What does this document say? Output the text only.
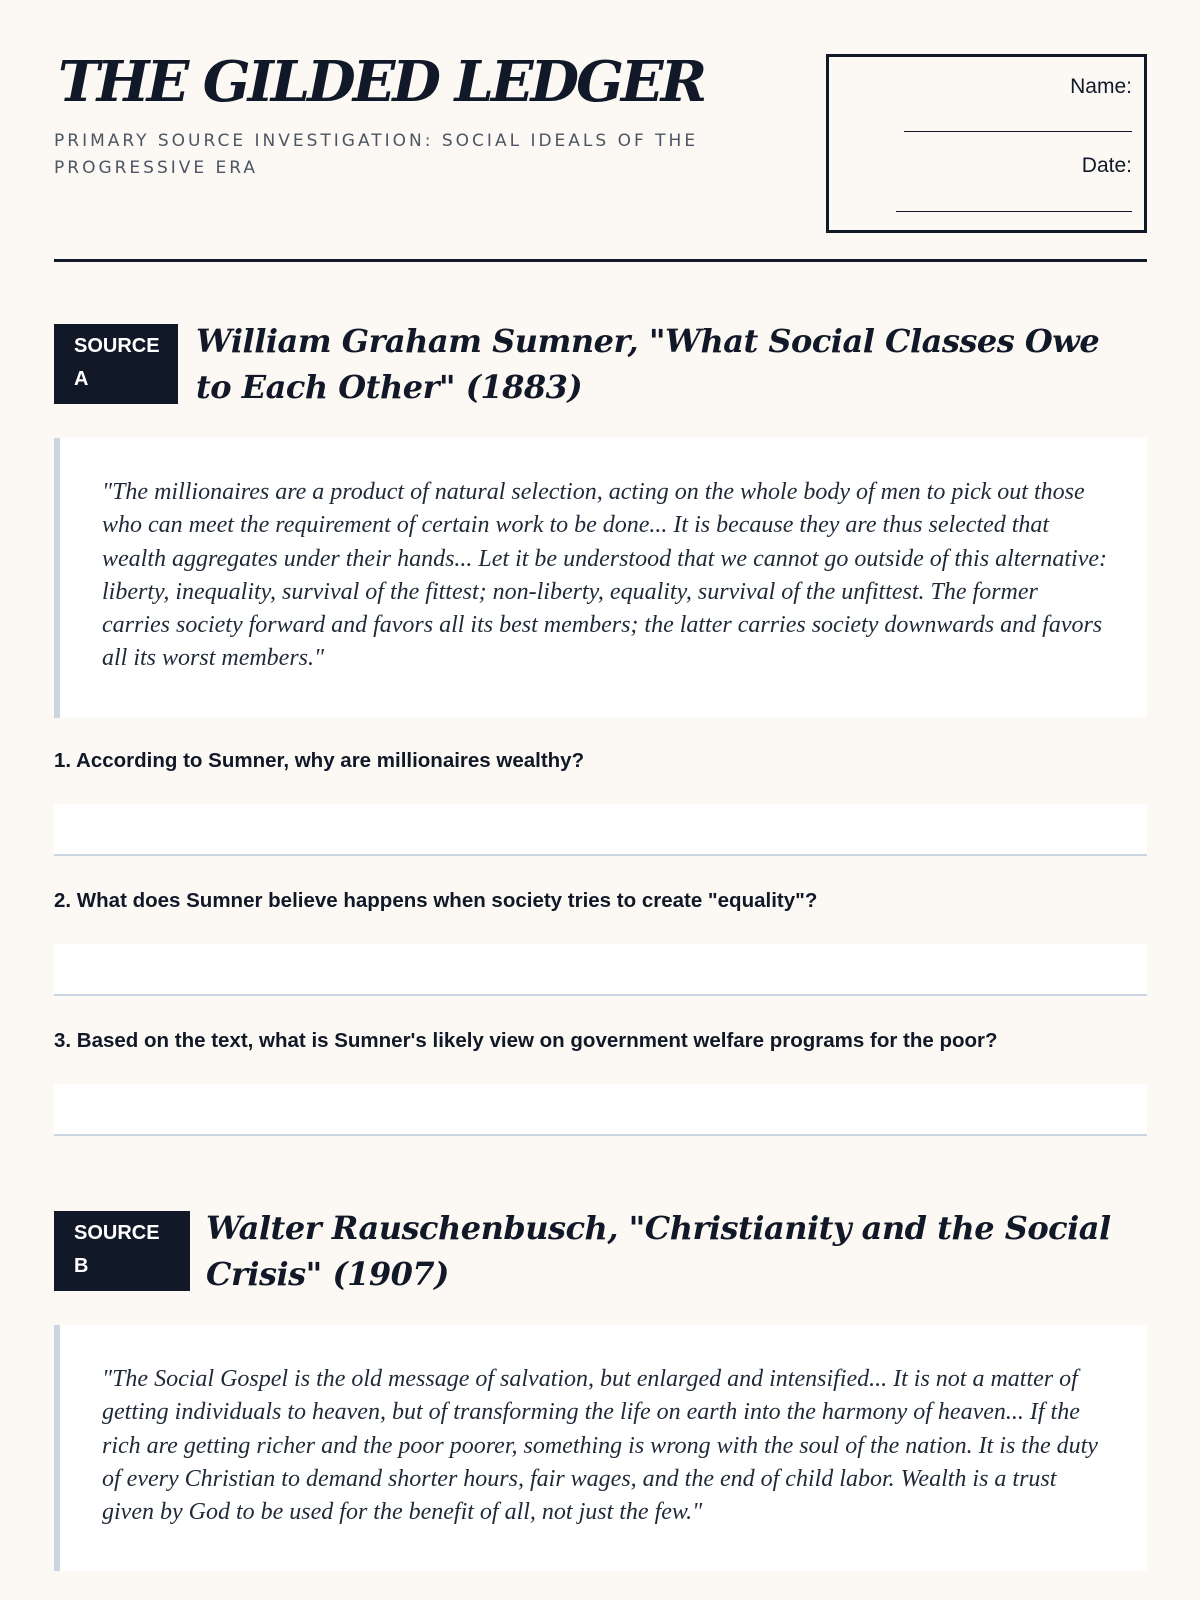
THE GILDED LEDGER
PRIMARY SOURCE INVESTIGATION: SOCIAL IDEALS OF THE PROGRESSIVE ERA
Name:
Date:
SOURCE A
William Graham Sumner, "What Social Classes Owe to Each Other" (1883)
"The millionaires are a product of natural selection, acting on the whole body of men to pick out those who can meet the requirement of certain work to be done... It is because they are thus selected that wealth aggregates under their hands... Let it be understood that we cannot go outside of this alternative: liberty, inequality, survival of the fittest; non-liberty, equality, survival of the unfittest. The former carries society forward and favors all its best members; the latter carries society downwards and favors all its worst members."
1. According to Sumner, why are millionaires wealthy?
2. What does Sumner believe happens when society tries to create "equality"?
3. Based on the text, what is Sumner's likely view on government welfare programs for the poor?
SOURCE B
Walter Rauschenbusch, "Christianity and the Social Crisis" (1907)
"The Social Gospel is the old message of salvation, but enlarged and intensified... It is not a matter of getting individuals to heaven, but of transforming the life on earth into the harmony of heaven... If the rich are getting richer and the poor poorer, something is wrong with the soul of the nation. It is the duty of every Christian to demand shorter hours, fair wages, and the end of child labor. Wealth is a trust given by God to be used for the benefit of all, not just the few."
